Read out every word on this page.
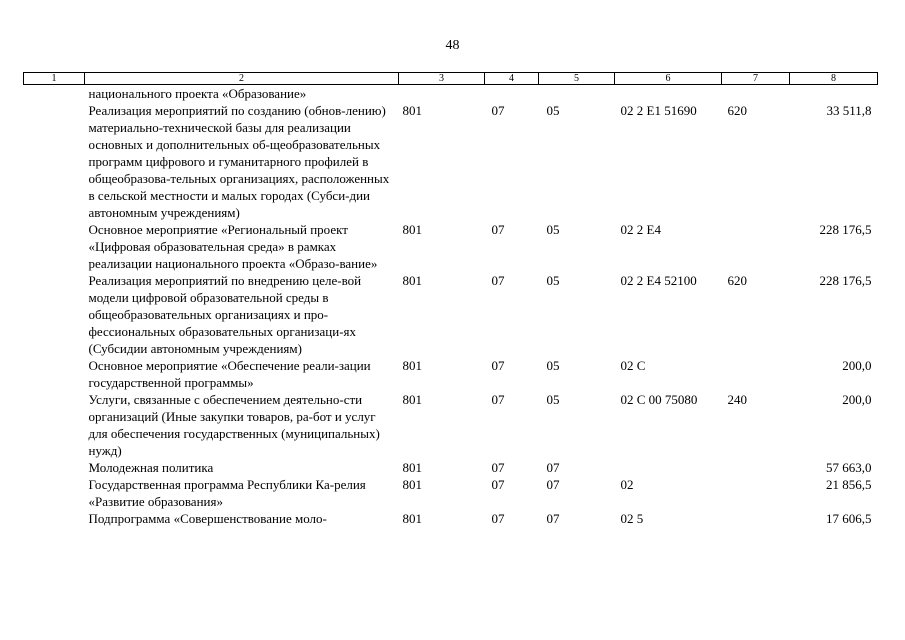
48
1	2	3	4	5	6	7	8
	национального проекта «Образование»						
	Реализация мероприятий по созданию (обнов-лению) материально-технической базы для реализации основных и дополнительных об-щеобразовательных программ цифрового и гуманитарного профилей в общеобразова-тельных организациях, расположенных в сельской местности и малых городах (Субси-дии автономным учреждениям)	801	07	05	02 2 E1 51690	620	33 511,8
	Основное мероприятие «Региональный проект «Цифровая образовательная среда» в рамках реализации национального проекта «Образо-вание»	801	07	05	02 2 E4		228 176,5
	Реализация мероприятий по внедрению целе-вой модели цифровой образовательной среды в общеобразовательных организациях и про-фессиональных образовательных организаци-ях (Субсидии автономным учреждениям)	801	07	05	02 2 E4 52100	620	228 176,5
	Основное мероприятие «Обеспечение реали-зации государственной программы»	801	07	05	02 C		200,0
	Услуги, связанные с обеспечением деятельно-сти организаций (Иные закупки товаров, ра-бот и услуг для обеспечения государственных (муниципальных) нужд)	801	07	05	02 C 00 75080	240	200,0
	Молодежная политика	801	07	07			57 663,0
	Государственная программа Республики Ка-релия «Развитие образования»	801	07	07	02		21 856,5
	Подпрограмма «Совершенствование моло-	801	07	07	02 5		17 606,5
